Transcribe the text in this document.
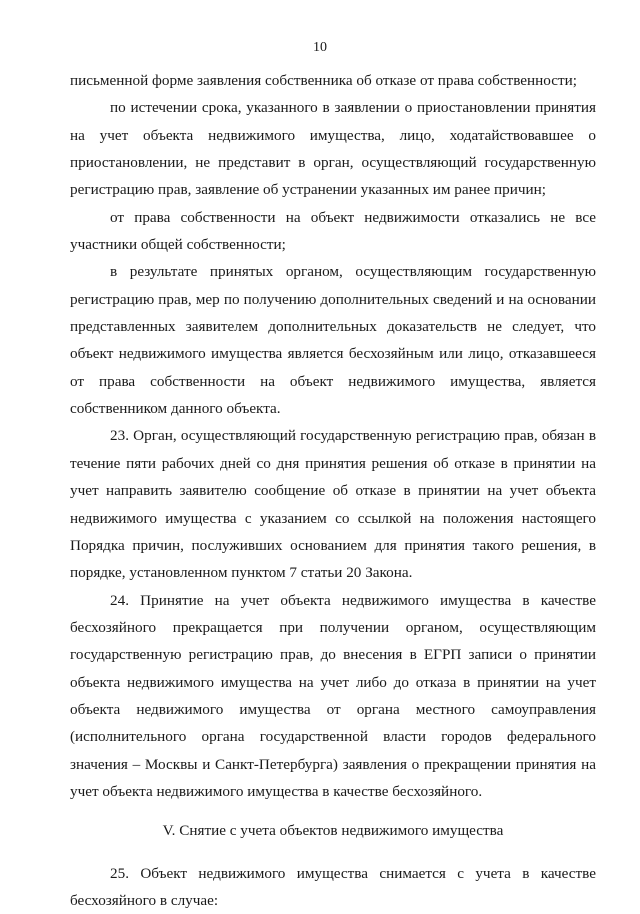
10

письменной форме заявления собственника об отказе от права собственности;

по истечении срока, указанного в заявлении о приостановлении принятия на учет объекта недвижимого имущества, лицо, ходатайствовавшее о приостановлении, не представит в орган, осуществляющий государственную регистрацию прав, заявление об устранении указанных им ранее причин;

от права собственности на объект недвижимости отказались не все участники общей собственности;

в результате принятых органом, осуществляющим государственную регистрацию прав, мер по получению дополнительных сведений и на основании представленных заявителем дополнительных доказательств не следует, что объект недвижимого имущества является бесхозяйным или лицо, отказавшееся от права собственности на объект недвижимого имущества, является собственником данного объекта.

23. Орган, осуществляющий государственную регистрацию прав, обязан в течение пяти рабочих дней со дня принятия решения об отказе в принятии на учет направить заявителю сообщение об отказе в принятии на учет объекта недвижимого имущества с указанием со ссылкой на положения настоящего Порядка причин, послуживших основанием для принятия такого решения, в порядке, установленном пунктом 7 статьи 20 Закона.

24. Принятие на учет объекта недвижимого имущества в качестве бесхозяйного прекращается при получении органом, осуществляющим государственную регистрацию прав, до внесения в ЕГРП записи о принятии объекта недвижимого имущества на учет либо до отказа в принятии на учет объекта недвижимого имущества от органа местного самоуправления (исполнительного органа государственной власти городов федерального значения – Москвы и Санкт-Петербурга) заявления о прекращении принятия на учет объекта недвижимого имущества в качестве бесхозяйного.

V. Снятие с учета объектов недвижимого имущества

25. Объект недвижимого имущества снимается с учета в качестве бесхозяйного в случае:
